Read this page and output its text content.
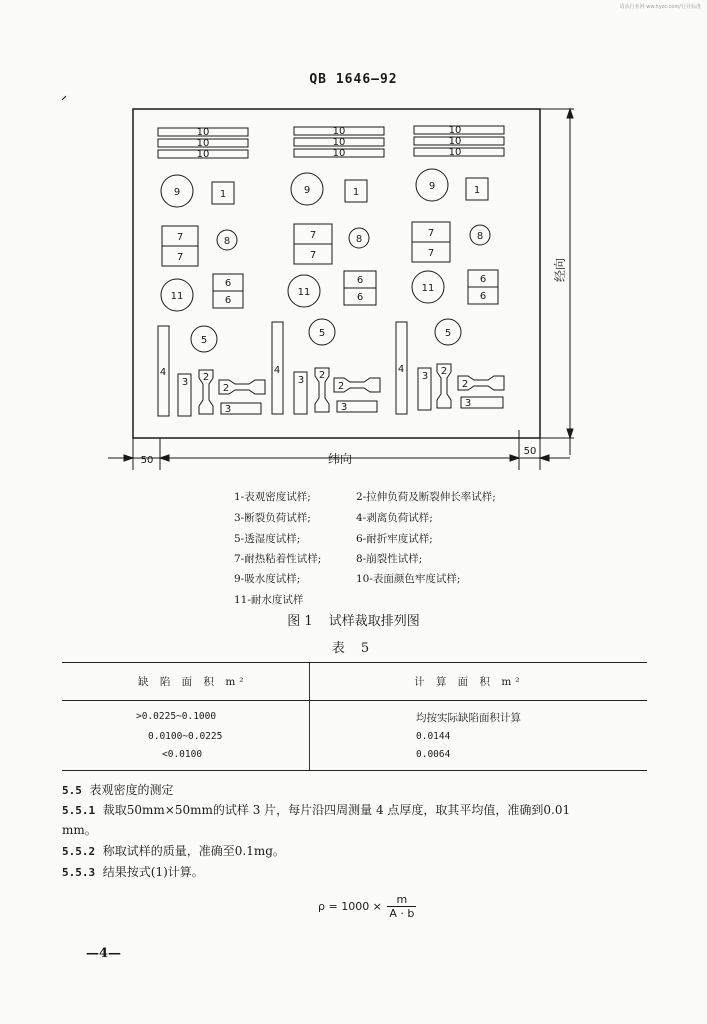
请从行业网 ww.hyzc.com/行业标准
QB 1646—92
经向
50
50
纬向
10
10
10
9	1
7
7
8
11
6
6
5
4
3 2
2
3
10
10
10
9	1
7
7
8
11
6
6
5
4
3 2
2
3
10
10
10
9	1
7
7
8
11
6
6
5
4
3 2
2
3
1-表观密度试样;	2-拉伸负荷及断裂伸长率试样;
3-断裂负荷试样;	4-剥离负荷试样;
5-透湿度试样;	6-耐折牢度试样;
7-耐热粘着性试样;	8-崩裂性试样;
9-吸水度试样;	10-表面颜色牢度试样;
11-耐水度试样
图 1 试样裁取排列图
表 5
缺 陷 面 积 m²	计 算 面 积 m²
>0.0225~0.1000	均按实际缺陷面积计算
0.0100~0.0225	0.0144
<0.0100	0.0064
5.5 表观密度的测定
5.5.1 裁取50mm×50mm的试样 3 片，每片沿四周测量 4 点厚度，取其平均值，准确到0.01
mm。
5.5.2 称取试样的质量，准确至0.1mg。
5.5.3 结果按式(1)计算。
$\rho = 1000 \times \frac{m}{A \cdot b}$
—4—
